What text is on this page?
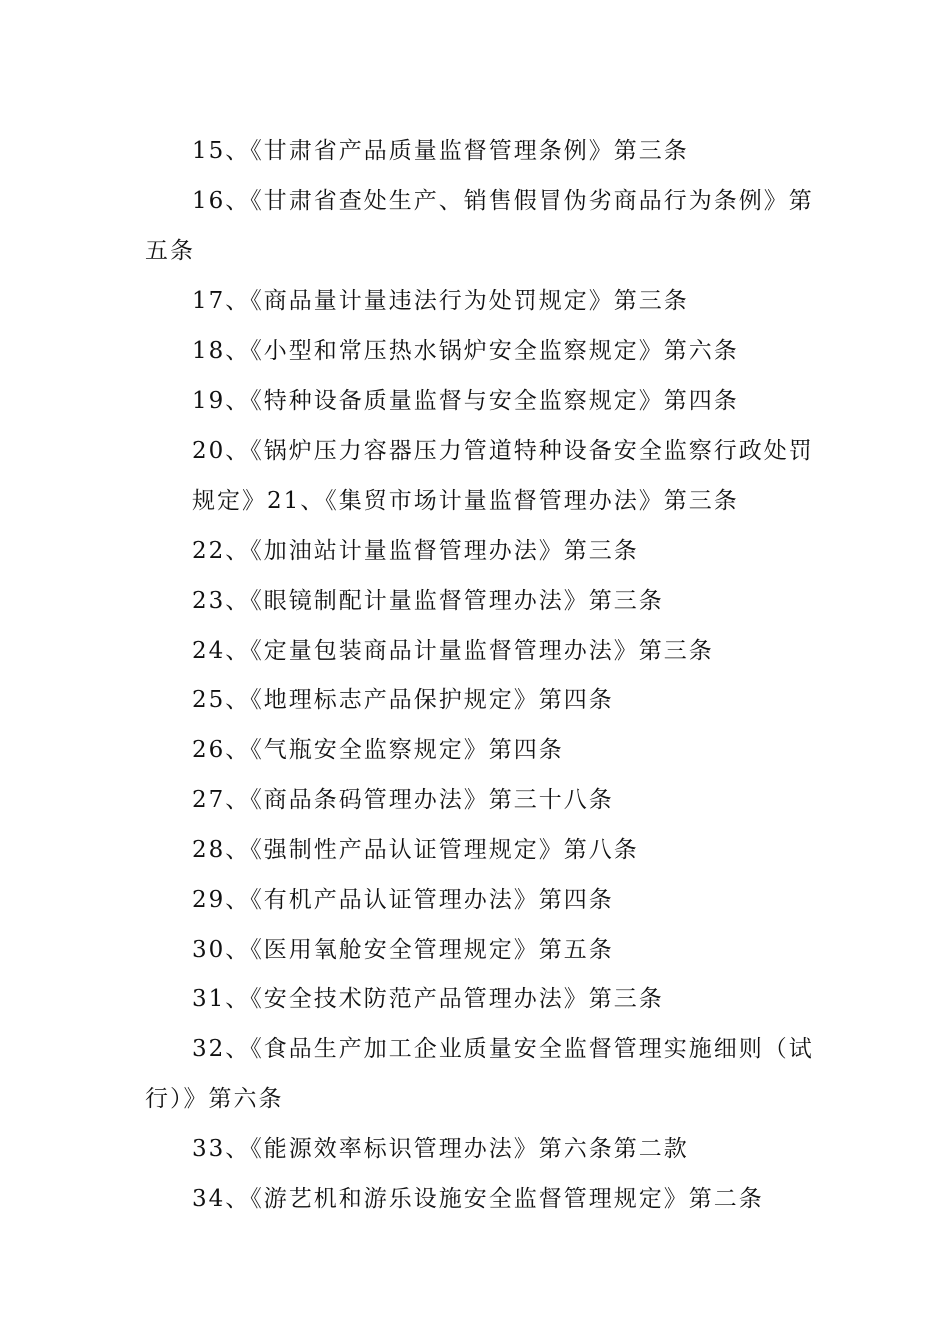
15、《甘肃省产品质量监督管理条例》第三条
16、《甘肃省查处生产、销售假冒伪劣商品行为条例》第
五条
17、《商品量计量违法行为处罚规定》第三条
18、《小型和常压热水锅炉安全监察规定》第六条
19、《特种设备质量监督与安全监察规定》第四条
20、《锅炉压力容器压力管道特种设备安全监察行政处罚
规定》21、《集贸市场计量监督管理办法》第三条
22、《加油站计量监督管理办法》第三条
23、《眼镜制配计量监督管理办法》第三条
24、《定量包装商品计量监督管理办法》第三条
25、《地理标志产品保护规定》第四条
26、《气瓶安全监察规定》第四条
27、《商品条码管理办法》第三十八条
28、《强制性产品认证管理规定》第八条
29、《有机产品认证管理办法》第四条
30、《医用氧舱安全管理规定》第五条
31、《安全技术防范产品管理办法》第三条
32、《食品生产加工企业质量安全监督管理实施细则（试
行）》第六条
33、《能源效率标识管理办法》第六条第二款
34、《游艺机和游乐设施安全监督管理规定》第二条
